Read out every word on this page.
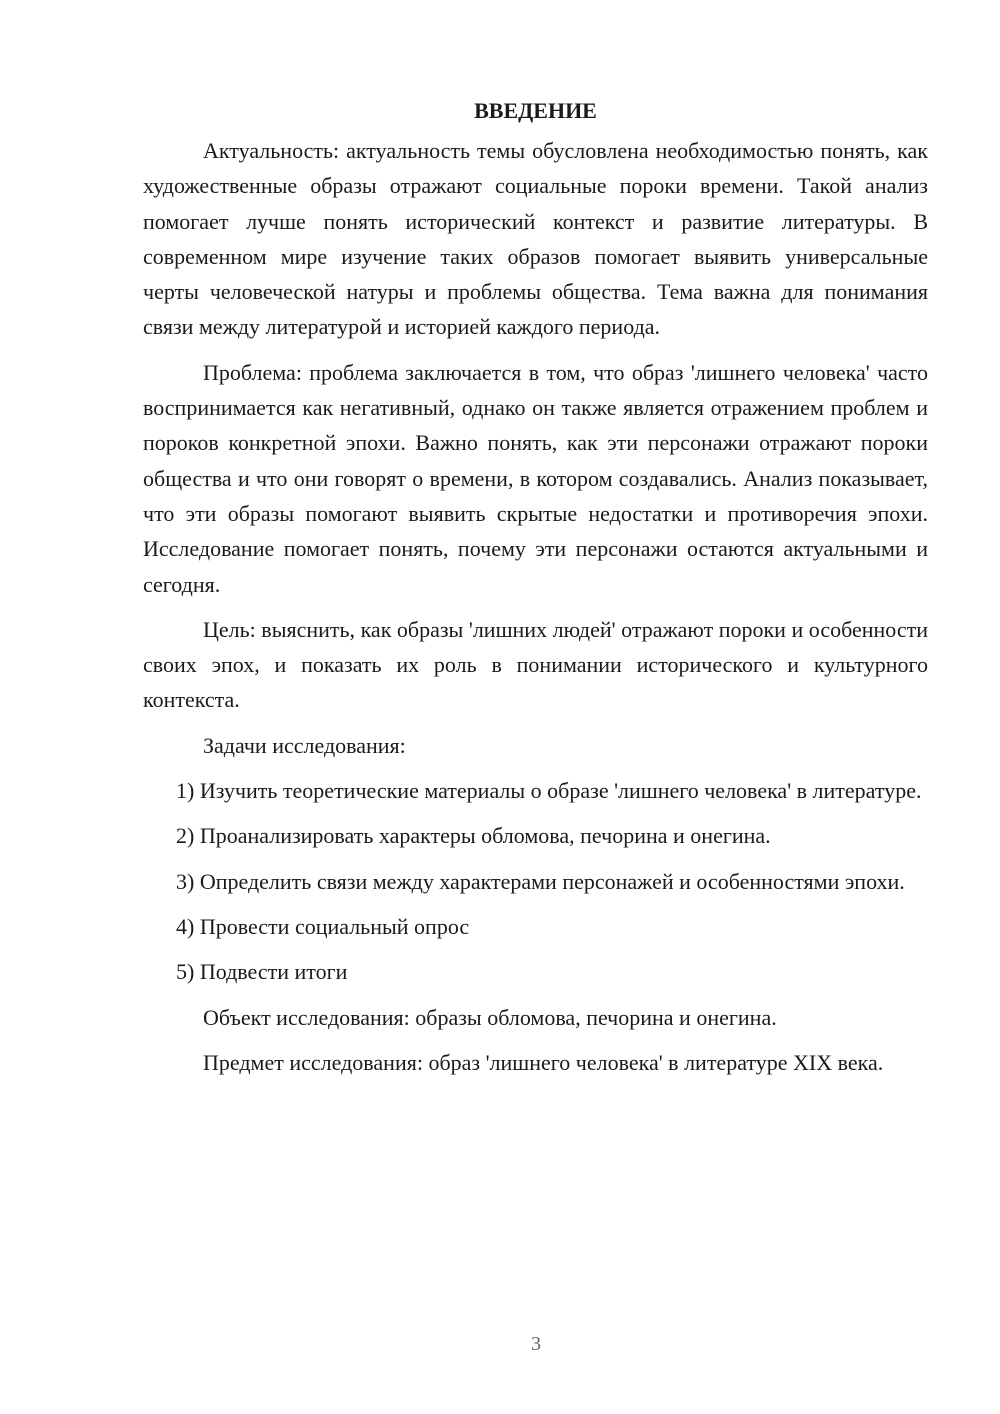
ВВЕДЕНИЕ

Актуальность: актуальность темы обусловлена необходимостью понять, как художественные образы отражают социальные пороки времени. Такой анализ помогает лучше понять исторический контекст и развитие литературы. В современном мире изучение таких образов помогает выявить универсальные черты человеческой натуры и проблемы общества. Тема важна для понимания связи между литературой и историей каждого периода.

Проблема: проблема заключается в том, что образ 'лишнего человека' часто воспринимается как негативный, однако он также является отражением проблем и пороков конкретной эпохи. Важно понять, как эти персонажи отражают пороки общества и что они говорят о времени, в котором создавались. Анализ показывает, что эти образы помогают выявить скрытые недостатки и противоречия эпохи. Исследование помогает понять, почему эти персонажи остаются актуальными и сегодня.

Цель: выяснить, как образы 'лишних людей' отражают пороки и особенности своих эпох, и показать их роль в понимании исторического и культурного контекста.

Задачи исследования:

1) Изучить теоретические материалы о образе 'лишнего человека' в литературе.

2) Проанализировать характеры обломова, печорина и онегина.

3) Определить связи между характерами персонажей и особенностями эпохи.

4) Провести социальный опрос

5) Подвести итоги

Объект исследования: образы обломова, печорина и онегина.

Предмет исследования: образ 'лишнего человека' в литературе XIX века.

3
